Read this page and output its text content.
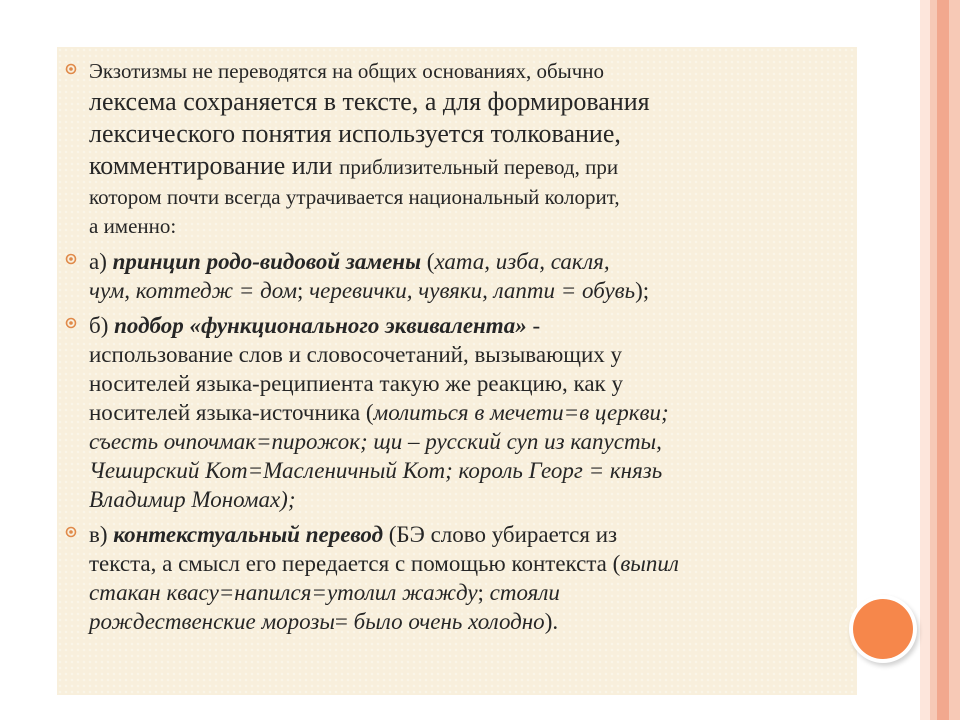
Экзотизмы не переводятся на общих основаниях, обычно
лексема сохраняется в тексте, а для формирования
лексического понятия используется толкование,
комментирование или приблизительный перевод, при
котором почти всегда утрачивается национальный колорит,
а именно:
а) принцип родо-видовой замены (хата, изба, сакля,
чум, коттедж = дом; черевички, чувяки, лапти = обувь);
б) подбор «функционального эквивалента» -
использование слов и словосочетаний, вызывающих у
носителей языка-реципиента такую же реакцию, как у
носителей языка-источника (молиться в мечети=в церкви;
съесть очпочмак=пирожок; щи – русский суп из капусты,
Чеширский Кот=Масленичный Кот; король Георг = князь
Владимир Мономах);
в) контекстуальный перевод (БЭ слово убирается из
текста, а смысл его передается с помощью контекста (выпил
стакан квасу=напился=утолил жажду; стояли
рождественские морозы= было очень холодно).
